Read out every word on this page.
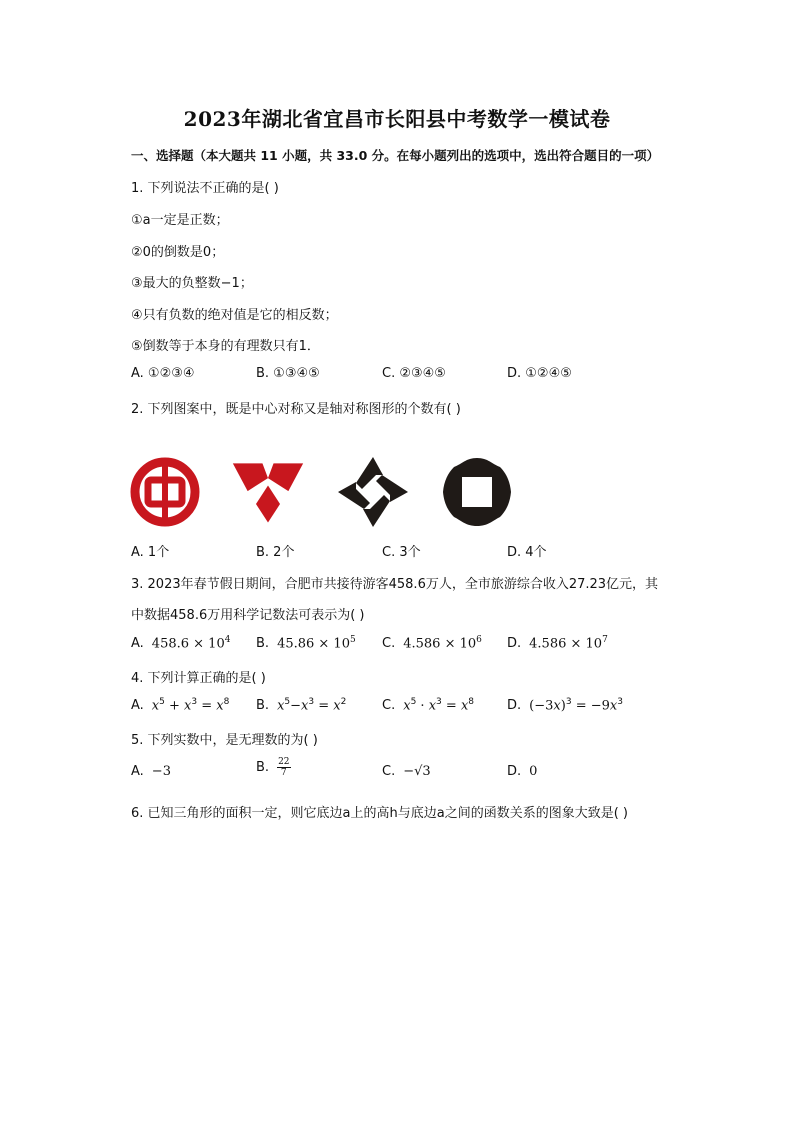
2023年湖北省宜昌市长阳县中考数学一模试卷
一、选择题（本大题共 11 小题，共 33.0 分。在每小题列出的选项中，选出符合题目的一项）
1. 下列说法不正确的是( )
①a一定是正数；
②0的倒数是0；
③最大的负整数−1；
④只有负数的绝对值是它的相反数；
⑤倒数等于本身的有理数只有1．
A. ①②③④	B. ①③④⑤	C. ②③④⑤	D. ①②④⑤
2. 下列图案中，既是中心对称又是轴对称图形的个数有( )
A. 1个	B. 2个	C. 3个	D. 4个
3. 2023年春节假日期间，合肥市共接待游客458.6万人，全市旅游综合收入27.23亿元，其
中数据458.6万用科学记数法可表示为( )
A. $458.6 \times 10^4$ B. $45.86 \times 10^5$ C. $4.586 \times 10^6$ D. $4.586 \times 10^7$
4. 下列计算正确的是( )
A. $x^5 + x^3 = x^8$ B. $x^5-x^3 = x^2$	C. $x^5 \cdot x^3 = x^8$	D. $(-3x)^3 = -9x^3$
5. 下列实数中，是无理数的为( )
A. −3	B. $\frac{22}{7}$	C. −√3	D. 0
6. 已知三角形的面积一定，则它底边a上的高h与底边a之间的函数关系的图象大致是( )
